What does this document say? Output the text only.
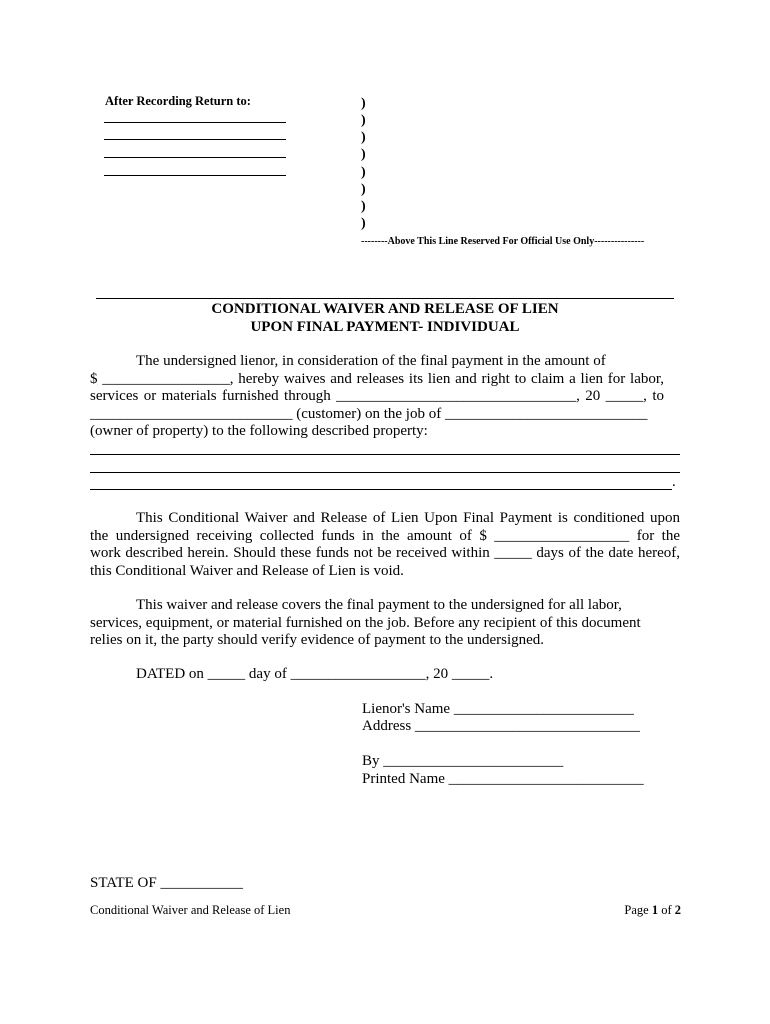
After Recording Return to:	)
)
)
)
)
)
)
)
--------Above This Line Reserved For Official Use Only---------------
CONDITIONAL WAIVER AND RELEASE OF LIEN
UPON FINAL PAYMENT- INDIVIDUAL
The undersigned lienor, in consideration of the final payment in the amount of
$ _________________, hereby waives and releases its lien and right to claim a lien for labor,
services or materials furnished through ________________________________, 20 _____, to
___________________________ (customer) on the job of ___________________________
(owner of property) to the following described property:
.
This Conditional Waiver and Release of Lien Upon Final Payment is conditioned upon
the undersigned receiving collected funds in the amount of $ __________________ for the
work described herein. Should these funds not be received within _____ days of the date hereof,
this Conditional Waiver and Release of Lien is void.
This waiver and release covers the final payment to the undersigned for all labor,
services, equipment, or material furnished on the job. Before any recipient of this document
relies on it, the party should verify evidence of payment to the undersigned.
DATED on _____ day of __________________, 20 _____.
Lienor's Name ________________________
Address ______________________________
By ________________________
Printed Name __________________________
STATE OF ___________
Conditional Waiver and Release of Lien	Page 1 of 2
